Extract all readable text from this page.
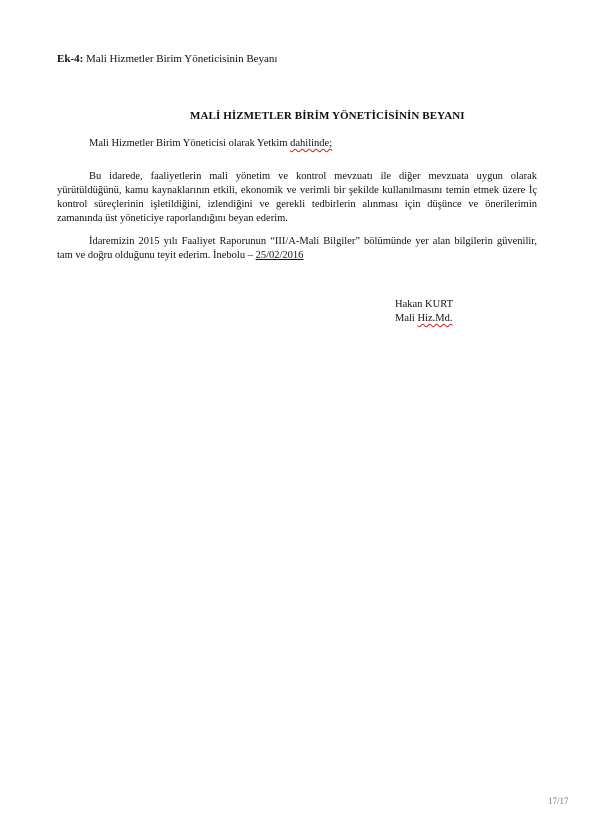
Ek-4: Mali Hizmetler Birim Yöneticisinin Beyanı
MALİ HİZMETLER BİRİM YÖNETİCİSİNİN BEYANI
Mali Hizmetler Birim Yöneticisi olarak Yetkim dahilinde;
Bu idarede, faaliyetlerin mali yönetim ve kontrol mevzuatı ile diğer mevzuata uygun olarak yürütüldüğünü, kamu kaynaklarının etkili, ekonomik ve verimli bir şekilde kullanılmasını temin etmek üzere İç kontrol süreçlerinin işletildiğini, izlendiğini ve gerekli tedbirlerin alınması için düşünce ve önerilerimin zamanında üst yöneticiye raporlandığını beyan ederim.
İdaremizin 2015 yılı Faaliyet Raporunun “III/A-Mali Bilgiler” bölümünde yer alan bilgilerin güvenilir, tam ve doğru olduğunu teyit ederim. İnebolu – 25/02/2016
Hakan KURT
Mali Hiz.Md.
17/17
